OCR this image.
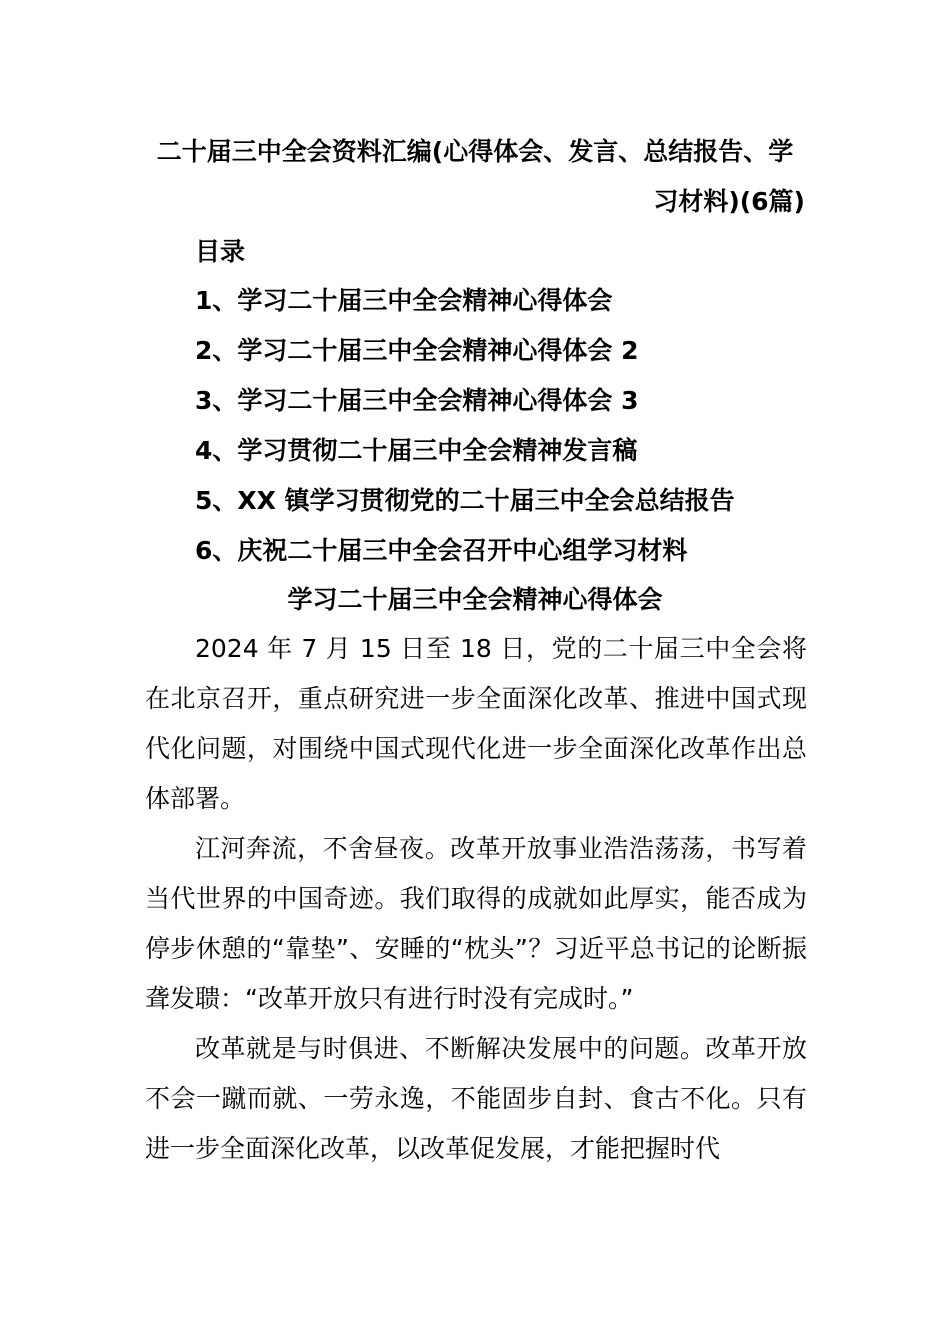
二十届三中全会资料汇编(心得体会、发言、总结报告、学
习材料)(6篇)
目录
1、学习二十届三中全会精神心得体会
2、学习二十届三中全会精神心得体会 2
3、学习二十届三中全会精神心得体会 3
4、学习贯彻二十届三中全会精神发言稿
5、XX 镇学习贯彻党的二十届三中全会总结报告
6、庆祝二十届三中全会召开中心组学习材料
学习二十届三中全会精神心得体会

2024 年 7 月 15 日至 18 日，党的二十届三中全会将在北京召开，重点研究进一步全面深化改革、推进中国式现代化问题，对围绕中国式现代化进一步全面深化改革作出总体部署。

江河奔流，不舍昼夜。改革开放事业浩浩荡荡，书写着当代世界的中国奇迹。我们取得的成就如此厚实，能否成为停步休憩的“靠垫”、安睡的“枕头”？习近平总书记的论断振聋发聩：“改革开放只有进行时没有完成时。”

改革就是与时俱进、不断解决发展中的问题。改革开放不会一蹴而就、一劳永逸，不能固步自封、食古不化。只有进一步全面深化改革，以改革促发展，才能把握时代
